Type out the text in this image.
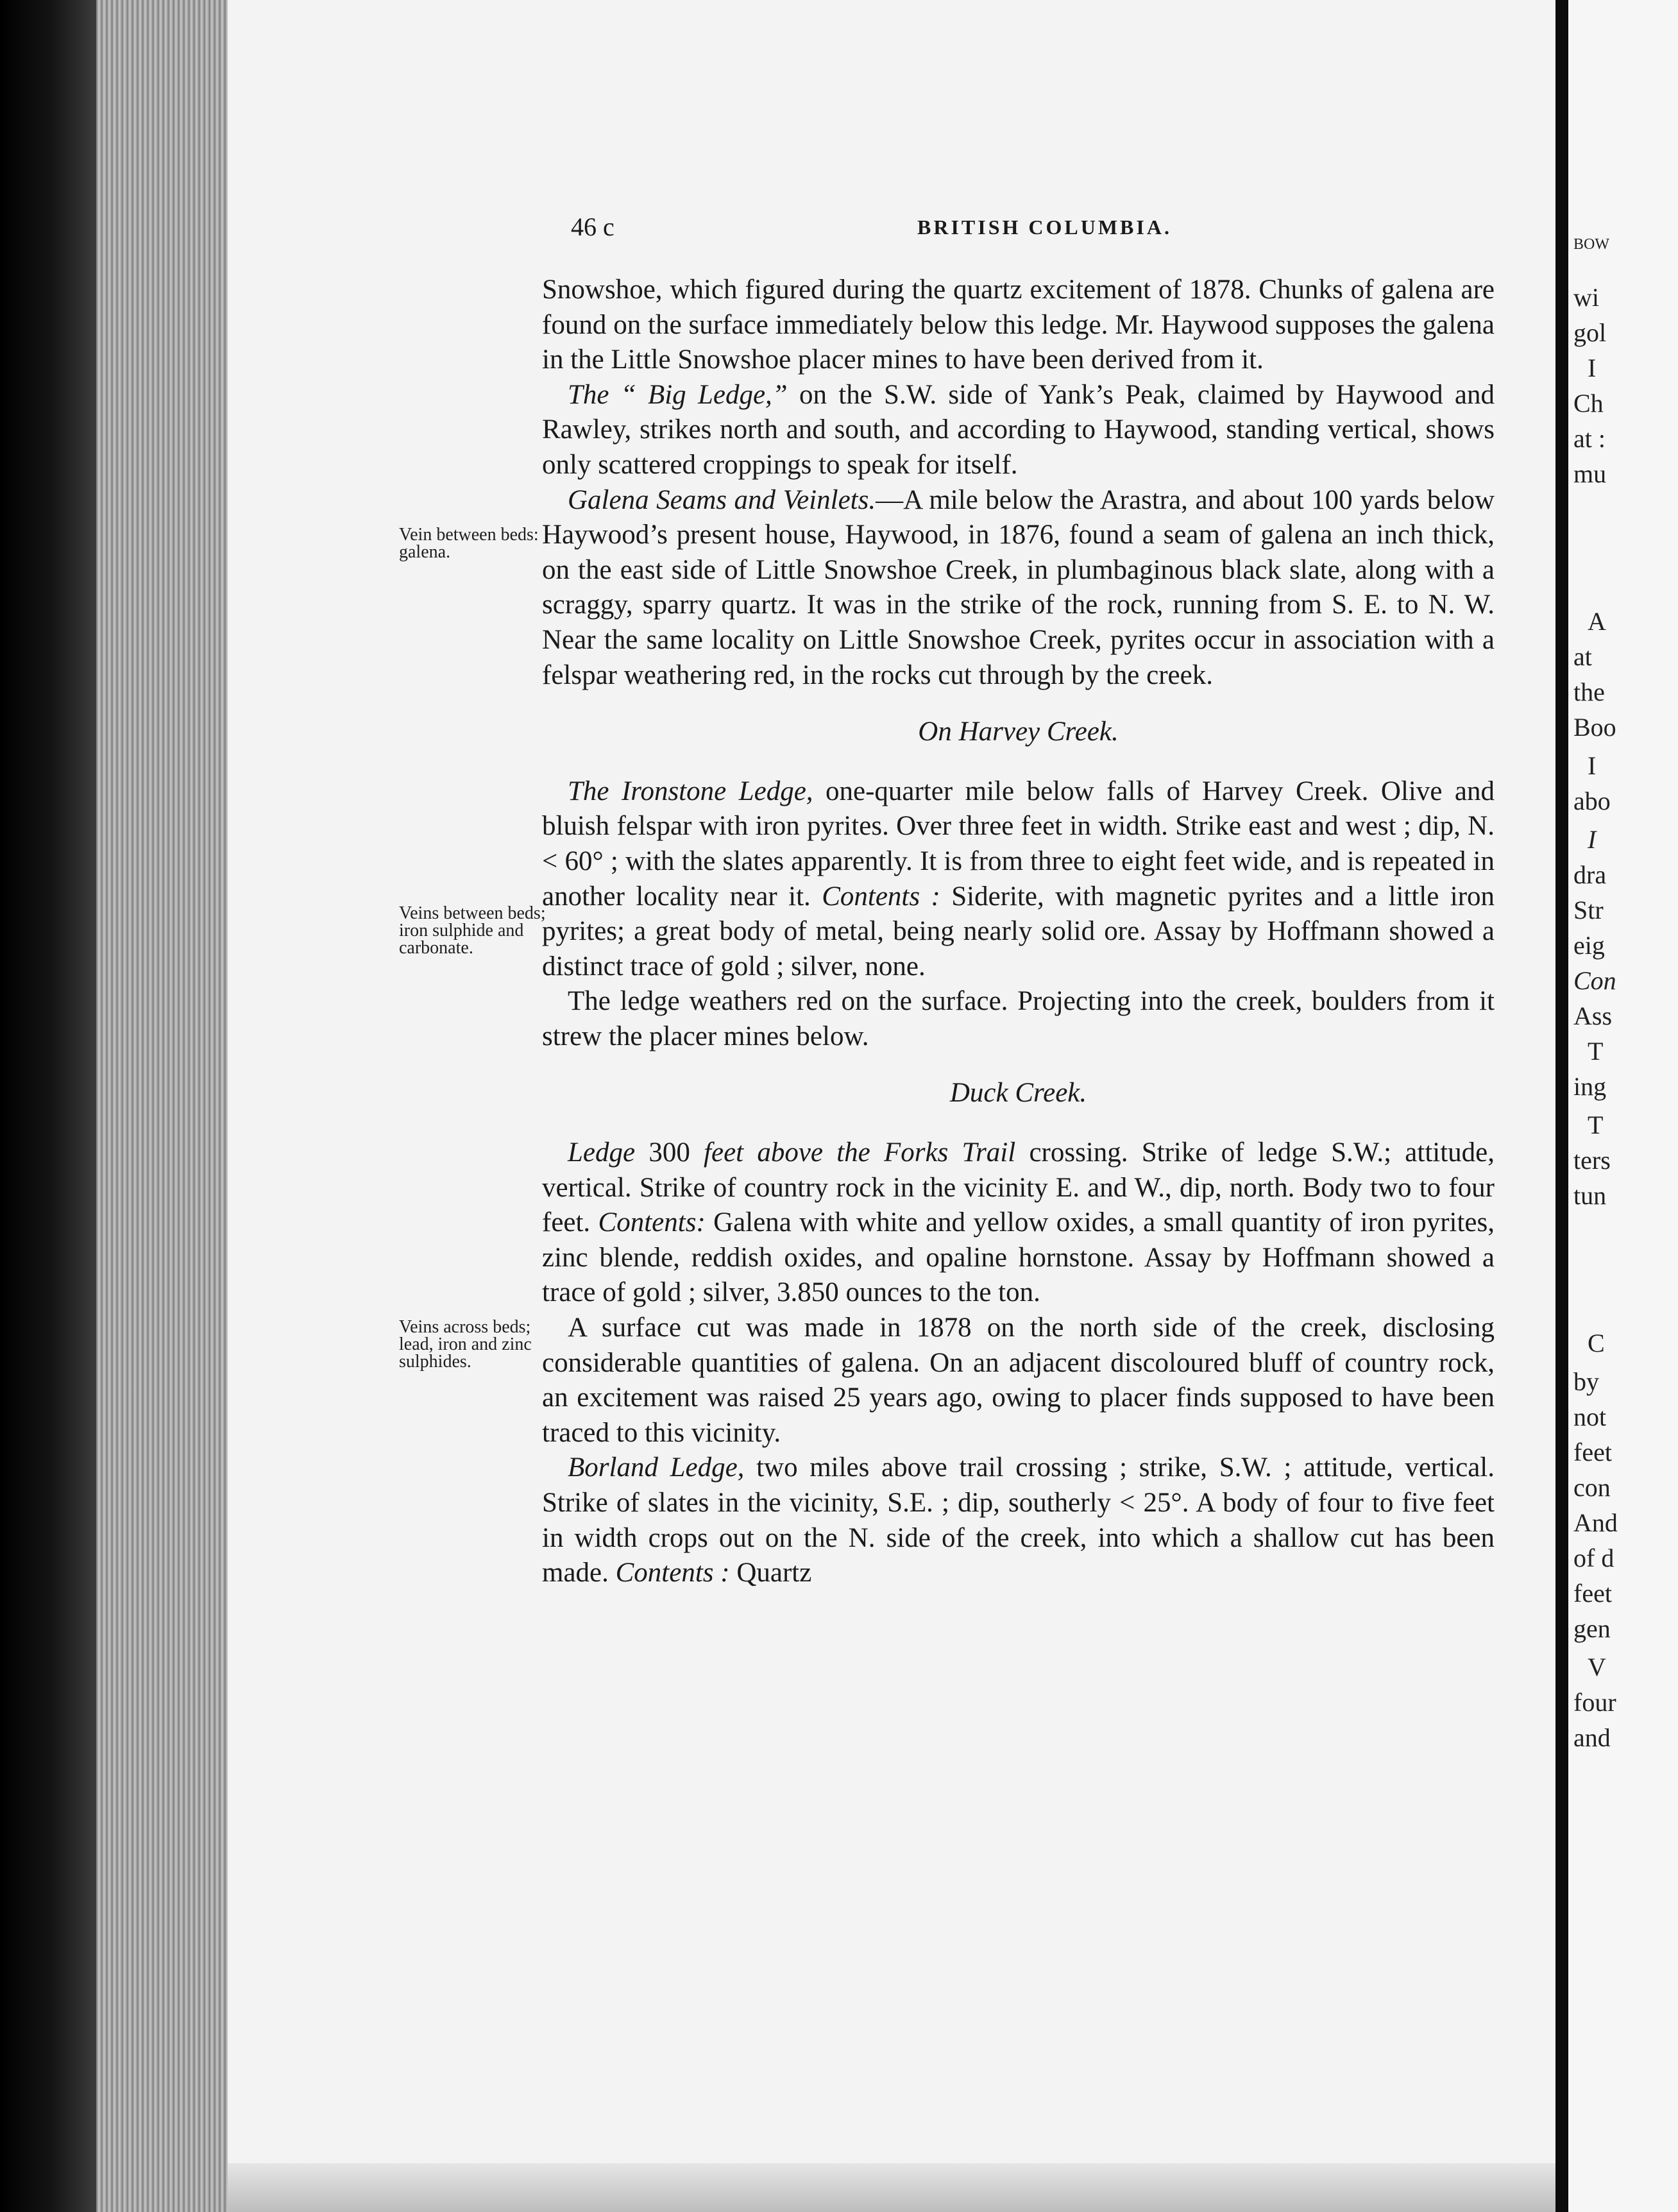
BOW
wi
gol
I
Ch
at :
mu
A
at
the
Boo
I
abo
I
dra
Str
eig
Con
Ass
T
ing
T
ters
tun
C
by
not
feet
con
And
of d
feet
gen
V
four
and
46 c	BRITISH COLUMBIA.
Vein between beds: galena.
Veins between beds; iron sulphide and carbonate.
Veins across beds; lead, iron and zinc sulphides.

Snowshoe, which figured during the quartz excitement of 1878. Chunks of galena are found on the surface immediately below this ledge. Mr. Haywood supposes the galena in the Little Snowshoe placer mines to have been derived from it.

The “ Big Ledge,” on the S.W. side of Yank’s Peak, claimed by Haywood and Rawley, strikes north and south, and according to Haywood, standing vertical, shows only scattered croppings to speak for itself.

Galena Seams and Veinlets.—A mile below the Arastra, and about 100 yards below Haywood’s present house, Haywood, in 1876, found a seam of galena an inch thick, on the east side of Little Snowshoe Creek, in plumbaginous black slate, along with a scraggy, sparry quartz. It was in the strike of the rock, running from S. E. to N. W. Near the same locality on Little Snowshoe Creek, pyrites occur in association with a felspar weathering red, in the rocks cut through by the creek.

On Harvey Creek.

The Ironstone Ledge, one-quarter mile below falls of Harvey Creek. Olive and bluish felspar with iron pyrites. Over three feet in width. Strike east and west ; dip, N. < 60° ; with the slates apparently. It is from three to eight feet wide, and is repeated in another locality near it. Contents : Siderite, with magnetic pyrites and a little iron pyrites; a great body of metal, being nearly solid ore. Assay by Hoffmann showed a distinct trace of gold ; silver, none.

The ledge weathers red on the surface. Projecting into the creek, boulders from it strew the placer mines below.

Duck Creek.

Ledge 300 feet above the Forks Trail crossing. Strike of ledge S.W.; attitude, vertical. Strike of country rock in the vicinity E. and W., dip, north. Body two to four feet. Contents: Galena with white and yellow oxides, a small quantity of iron pyrites, zinc blende, reddish oxides, and opaline hornstone. Assay by Hoffmann showed a trace of gold ; silver, 3.850 ounces to the ton.

A surface cut was made in 1878 on the north side of the creek, disclosing considerable quantities of galena. On an adjacent discoloured bluff of country rock, an excitement was raised 25 years ago, owing to placer finds supposed to have been traced to this vicinity.

Borland Ledge, two miles above trail crossing ; strike, S.W. ; attitude, vertical. Strike of slates in the vicinity, S.E. ; dip, southerly < 25°. A body of four to five feet in width crops out on the N. side of the creek, into which a shallow cut has been made. Contents : Quartz
